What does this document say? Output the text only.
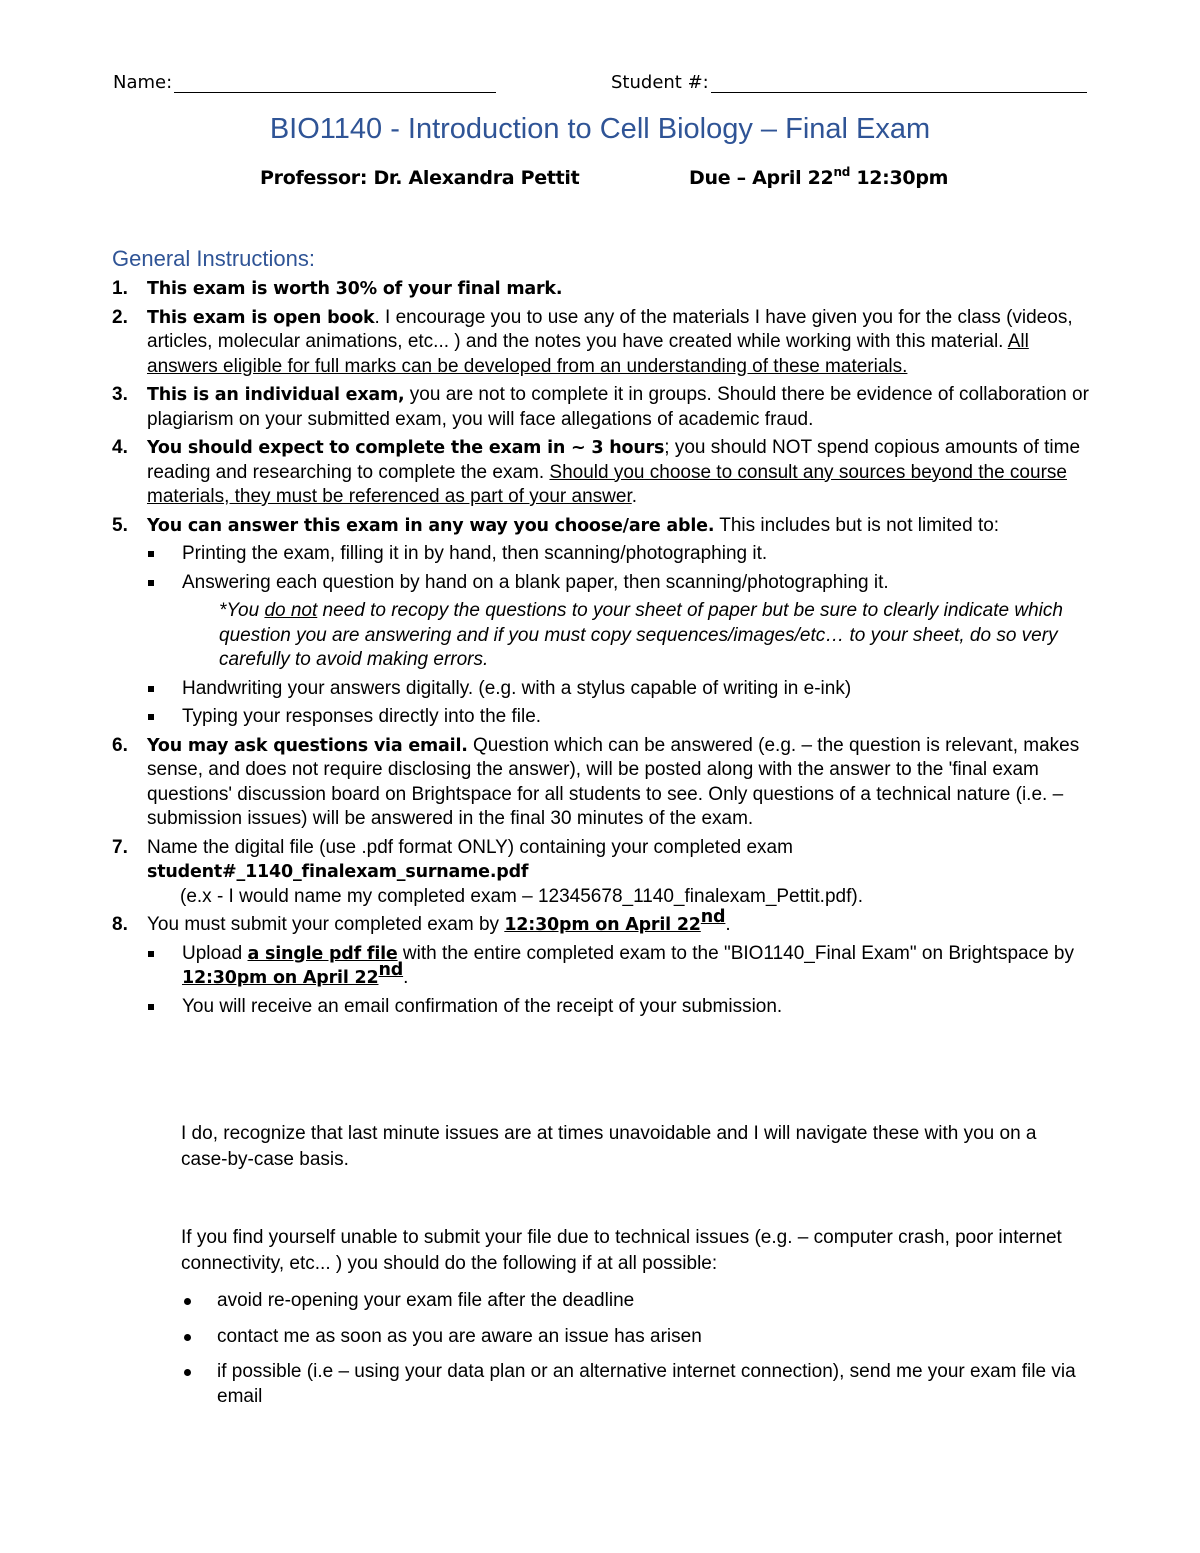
Name:	Student #:
BIO1140 - Introduction to Cell Biology – Final Exam
Professor: Dr. Alexandra Pettit	Due – April 22nd 12:30pm
General Instructions:
1. This exam is worth 30% of your final mark.
2. This exam is open book. I encourage you to use any of the materials I have given you for the class (videos, articles, molecular animations, etc... ) and the notes you have created while working with this material. All answers eligible for full marks can be developed from an understanding of these materials.
3. This is an individual exam, you are not to complete it in groups. Should there be evidence of collaboration or plagiarism on your submitted exam, you will face allegations of academic fraud.
4. You should expect to complete the exam in ~ 3 hours; you should NOT spend copious amounts of time reading and researching to complete the exam. Should you choose to consult any sources beyond the course materials, they must be referenced as part of your answer.
5. You can answer this exam in any way you choose/are able. This includes but is not limited to:
Printing the exam, filling it in by hand, then scanning/photographing it.
Answering each question by hand on a blank paper, then scanning/photographing it.
*You do not need to recopy the questions to your sheet of paper but be sure to clearly indicate which question you are answering and if you must copy sequences/images/etc… to your sheet, do so very carefully to avoid making errors.
Handwriting your answers digitally. (e.g. with a stylus capable of writing in e-ink)
Typing your responses directly into the file.
6. You may ask questions via email. Question which can be answered (e.g. – the question is relevant, makes sense, and does not require disclosing the answer), will be posted along with the answer to the 'final exam questions' discussion board on Brightspace for all students to see. Only questions of a technical nature (i.e. – submission issues) will be answered in the final 30 minutes of the exam.
7. Name the digital file (use .pdf format ONLY) containing your completed exam
student#_1140_finalexam_surname.pdf
(e.x - I would name my completed exam – 12345678_1140_finalexam_Pettit.pdf).
8. You must submit your completed exam by 12:30pm on April 22nd.
Upload a single pdf file with the entire completed exam to the "BIO1140_Final Exam" on Brightspace by 12:30pm on April 22nd.
You will receive an email confirmation of the receipt of your submission.
I do, recognize that last minute issues are at times unavoidable and I will navigate these with you on a case-by-case basis.
If you find yourself unable to submit your file due to technical issues (e.g. – computer crash, poor internet connectivity, etc... ) you should do the following if at all possible:
avoid re-opening your exam file after the deadline
contact me as soon as you are aware an issue has arisen
if possible (i.e – using your data plan or an alternative internet connection), send me your exam file via email
